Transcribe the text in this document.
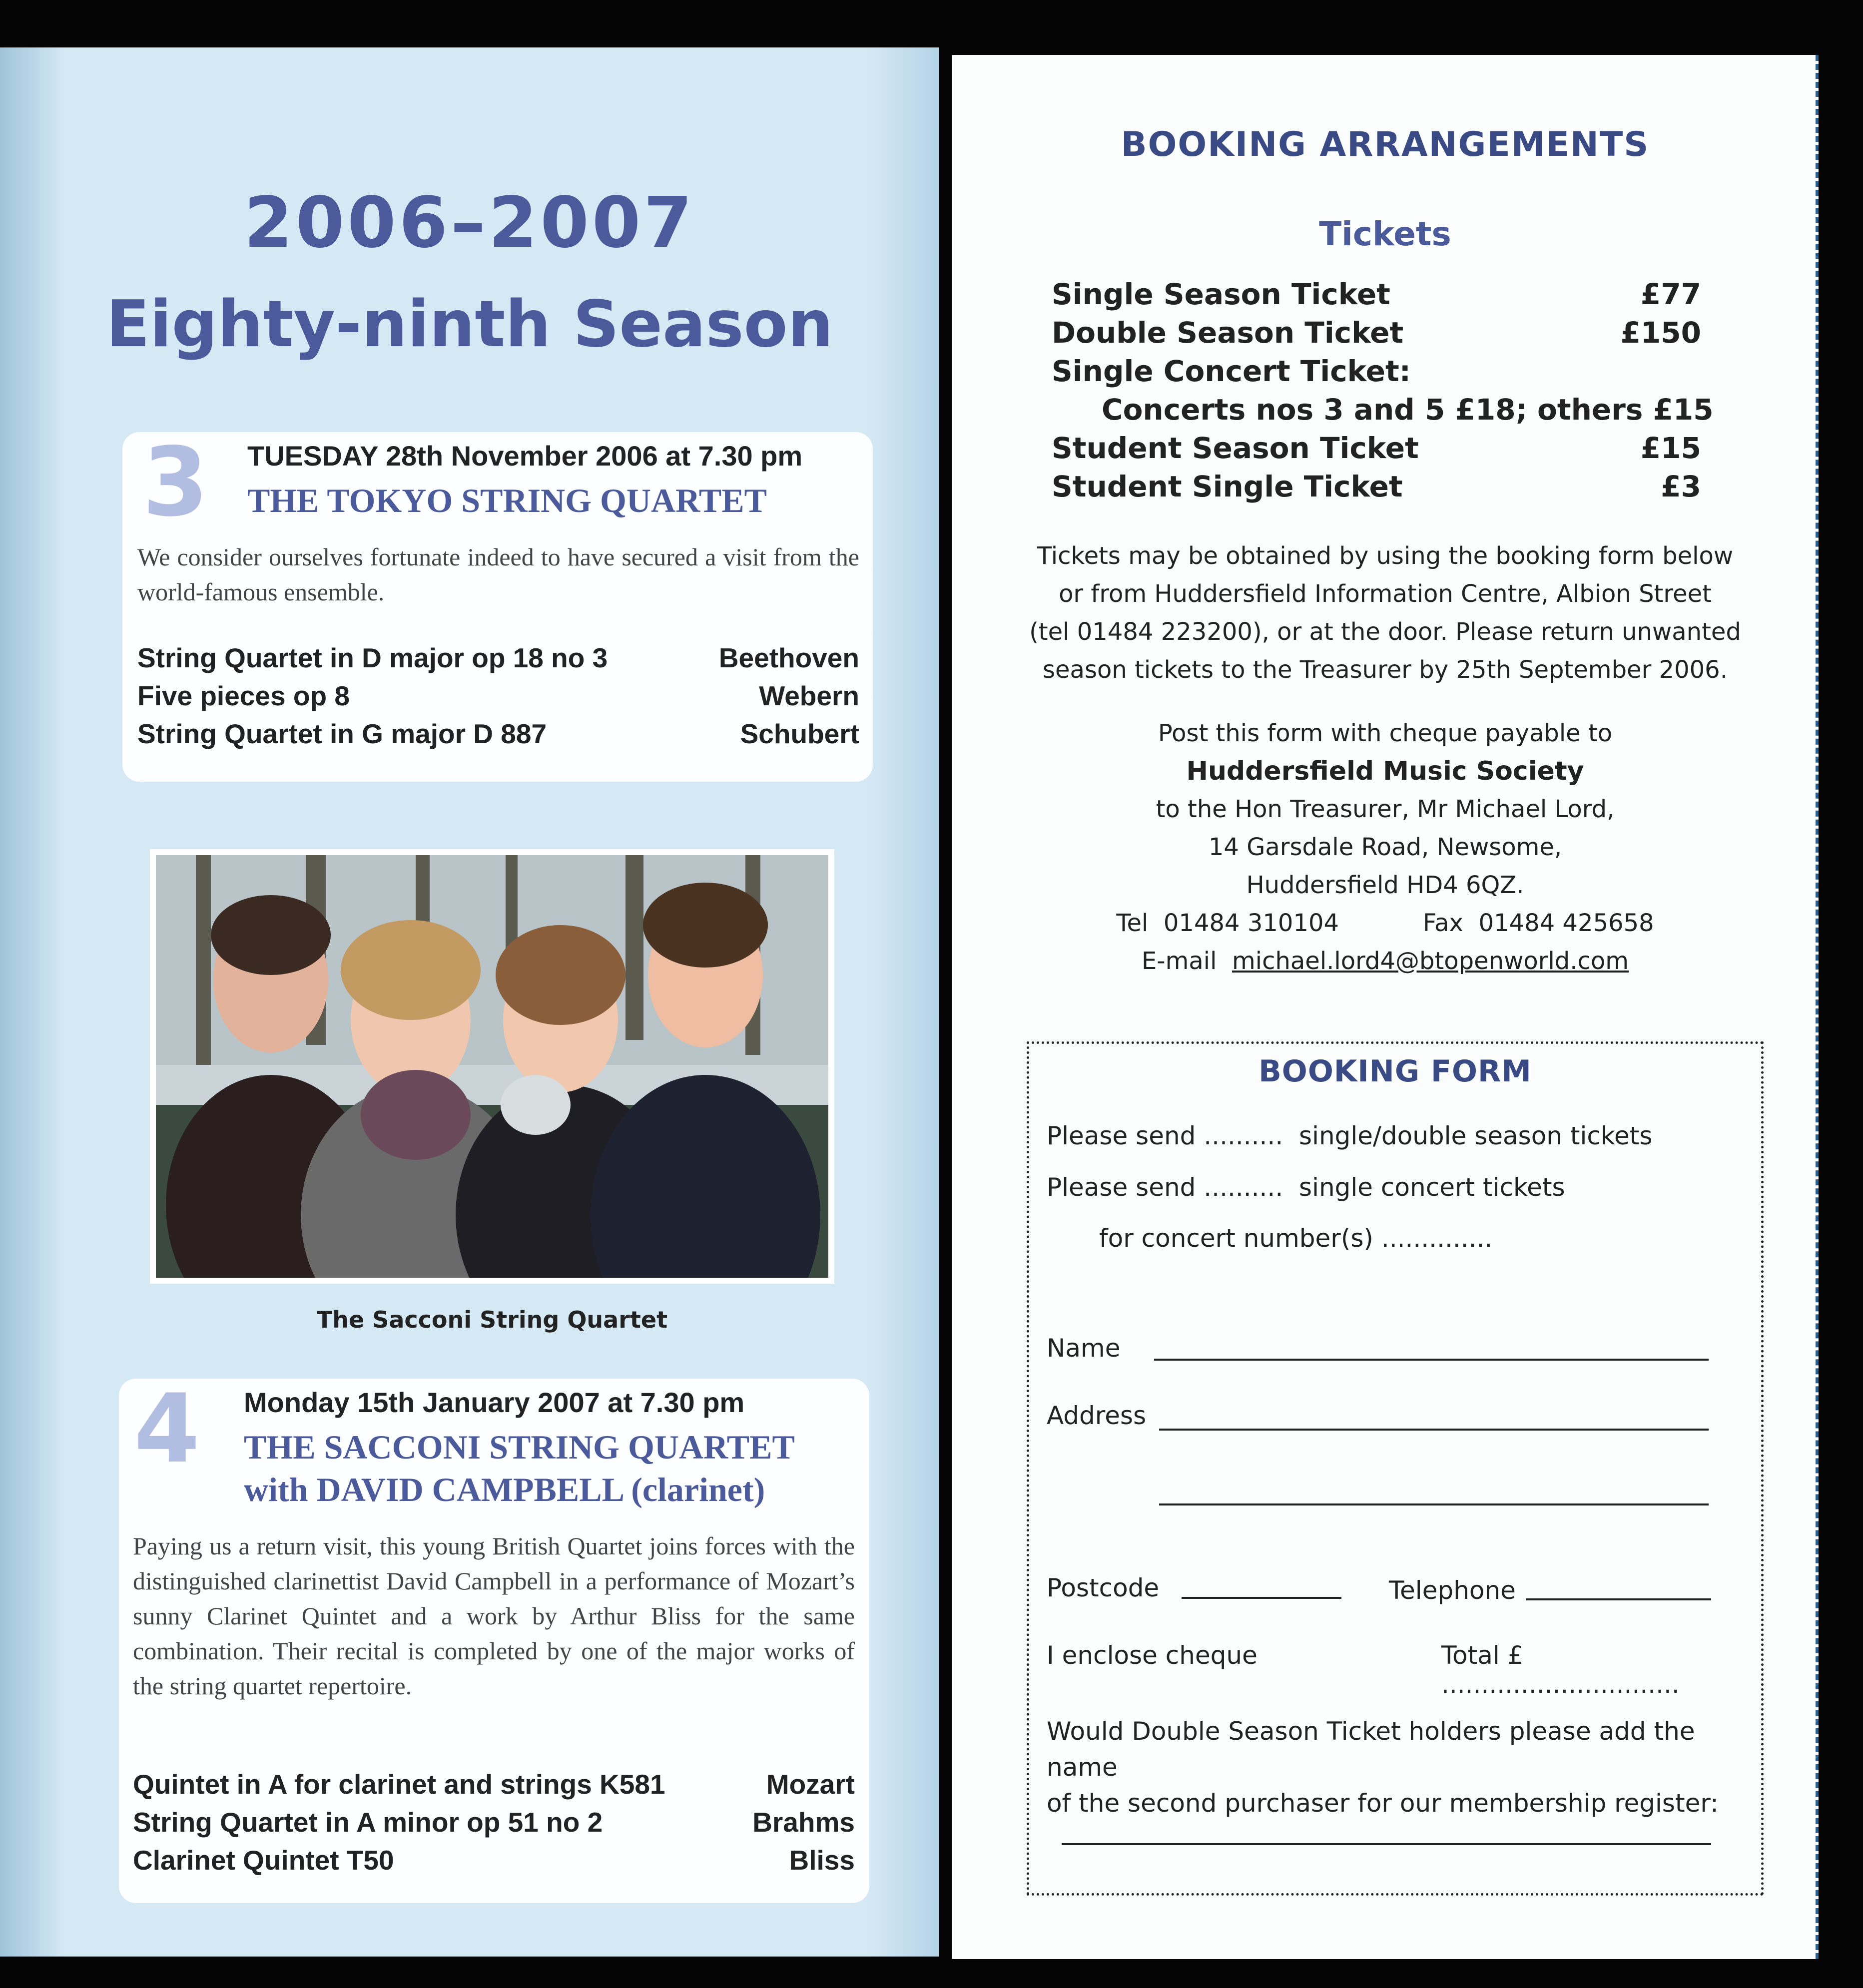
2006–2007
Eighty-ninth Season
3 TUESDAY 28th November 2006 at 7.30 pm
THE TOKYO STRING QUARTET
We consider ourselves fortunate indeed to have secured a visit from the world-famous ensemble.
String Quartet in D major op 18 no 3	Beethoven
Five pieces op 8	Webern
String Quartet in G major D 887	Schubert
The Sacconi String Quartet
4 Monday 15th January 2007 at 7.30 pm
THE SACCONI STRING QUARTET
with DAVID CAMPBELL (clarinet)
Paying us a return visit, this young British Quartet joins forces with the distinguished clarinettist David Campbell in a performance of Mozart’s sunny Clarinet Quintet and a work by Arthur Bliss for the same combination. Their recital is completed by one of the major works of the string quartet repertoire.
Quintet in A for clarinet and strings K581	Mozart
String Quartet in A minor op 51 no 2	Brahms
Clarinet Quintet T50	Bliss
BOOKING ARRANGEMENTS
Tickets
Single Season Ticket	£77
Double Season Ticket	£150
Single Concert Ticket:
Concerts nos 3 and 5 £18; others £15
Student Season Ticket	£15
Student Single Ticket	£3
Tickets may be obtained by using the booking form below
or from Huddersfield Information Centre, Albion Street
(tel 01484 223200), or at the door. Please return unwanted
season tickets to the Treasurer by 25th September 2006.
Post this form with cheque payable to
Huddersfield Music Society
to the Hon Treasurer, Mr Michael Lord,
14 Garsdale Road, Newsome,
Huddersfield HD4 6QZ.
Tel 01484 310104	Fax 01484 425658
E-mail michael.lord4@btopenworld.com
BOOKING FORM
Please send .......... single/double season tickets
Please send .......... single concert tickets
for concert number(s) ..............
Name
Address
Postcode	Telephone
I enclose cheque	Total £ ..............................
Would Double Season Ticket holders please add the name
of the second purchaser for our membership register:
